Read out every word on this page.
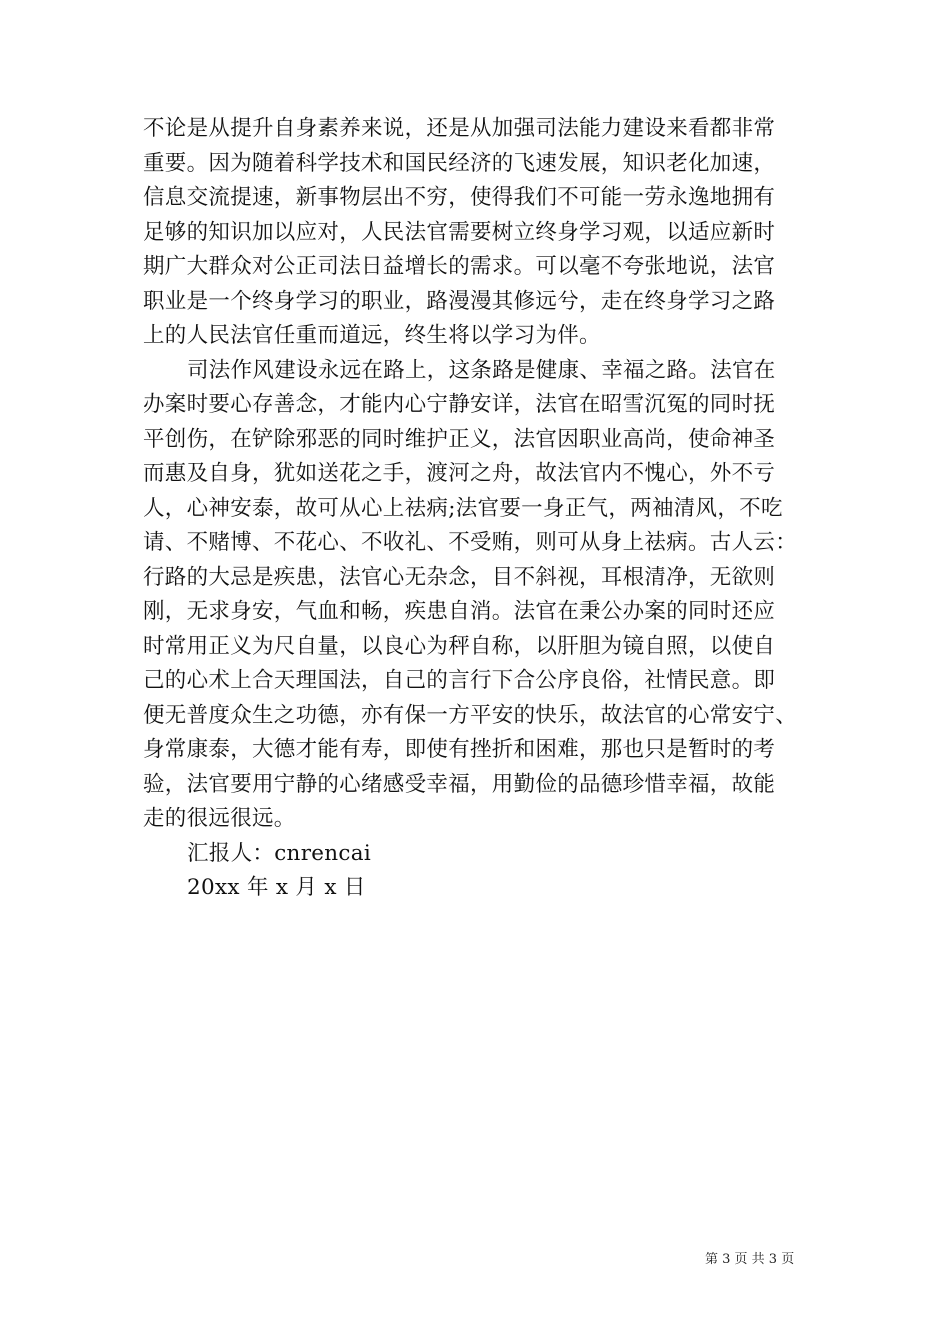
不论是从提升自身素养来说，还是从加强司法能力建设来看都非常
重要。因为随着科学技术和国民经济的飞速发展，知识老化加速，
信息交流提速，新事物层出不穷，使得我们不可能一劳永逸地拥有
足够的知识加以应对，人民法官需要树立终身学习观，以适应新时
期广大群众对公正司法日益增长的需求。可以毫不夸张地说，法官
职业是一个终身学习的职业，路漫漫其修远兮，走在终身学习之路
上的人民法官任重而道远，终生将以学习为伴。
司法作风建设永远在路上，这条路是健康、幸福之路。法官在
办案时要心存善念，才能内心宁静安详，法官在昭雪沉冤的同时抚
平创伤，在铲除邪恶的同时维护正义，法官因职业高尚，使命神圣
而惠及自身，犹如送花之手，渡河之舟，故法官内不愧心，外不亏
人，心神安泰，故可从心上祛病;法官要一身正气，两袖清风，不吃
请、不赌博、不花心、不收礼、不受贿，则可从身上祛病。古人云：
行路的大忌是疾患，法官心无杂念，目不斜视，耳根清净，无欲则
刚，无求身安，气血和畅，疾患自消。法官在秉公办案的同时还应
时常用正义为尺自量，以良心为秤自称，以肝胆为镜自照，以使自
己的心术上合天理国法，自己的言行下合公序良俗，社情民意。即
便无普度众生之功德，亦有保一方平安的快乐，故法官的心常安宁、
身常康泰，大德才能有寿，即使有挫折和困难，那也只是暂时的考
验，法官要用宁静的心绪感受幸福，用勤俭的品德珍惜幸福，故能
走的很远很远。
汇报人：cnrencai
20xx 年 x 月 x 日
第 3 页 共 3 页
